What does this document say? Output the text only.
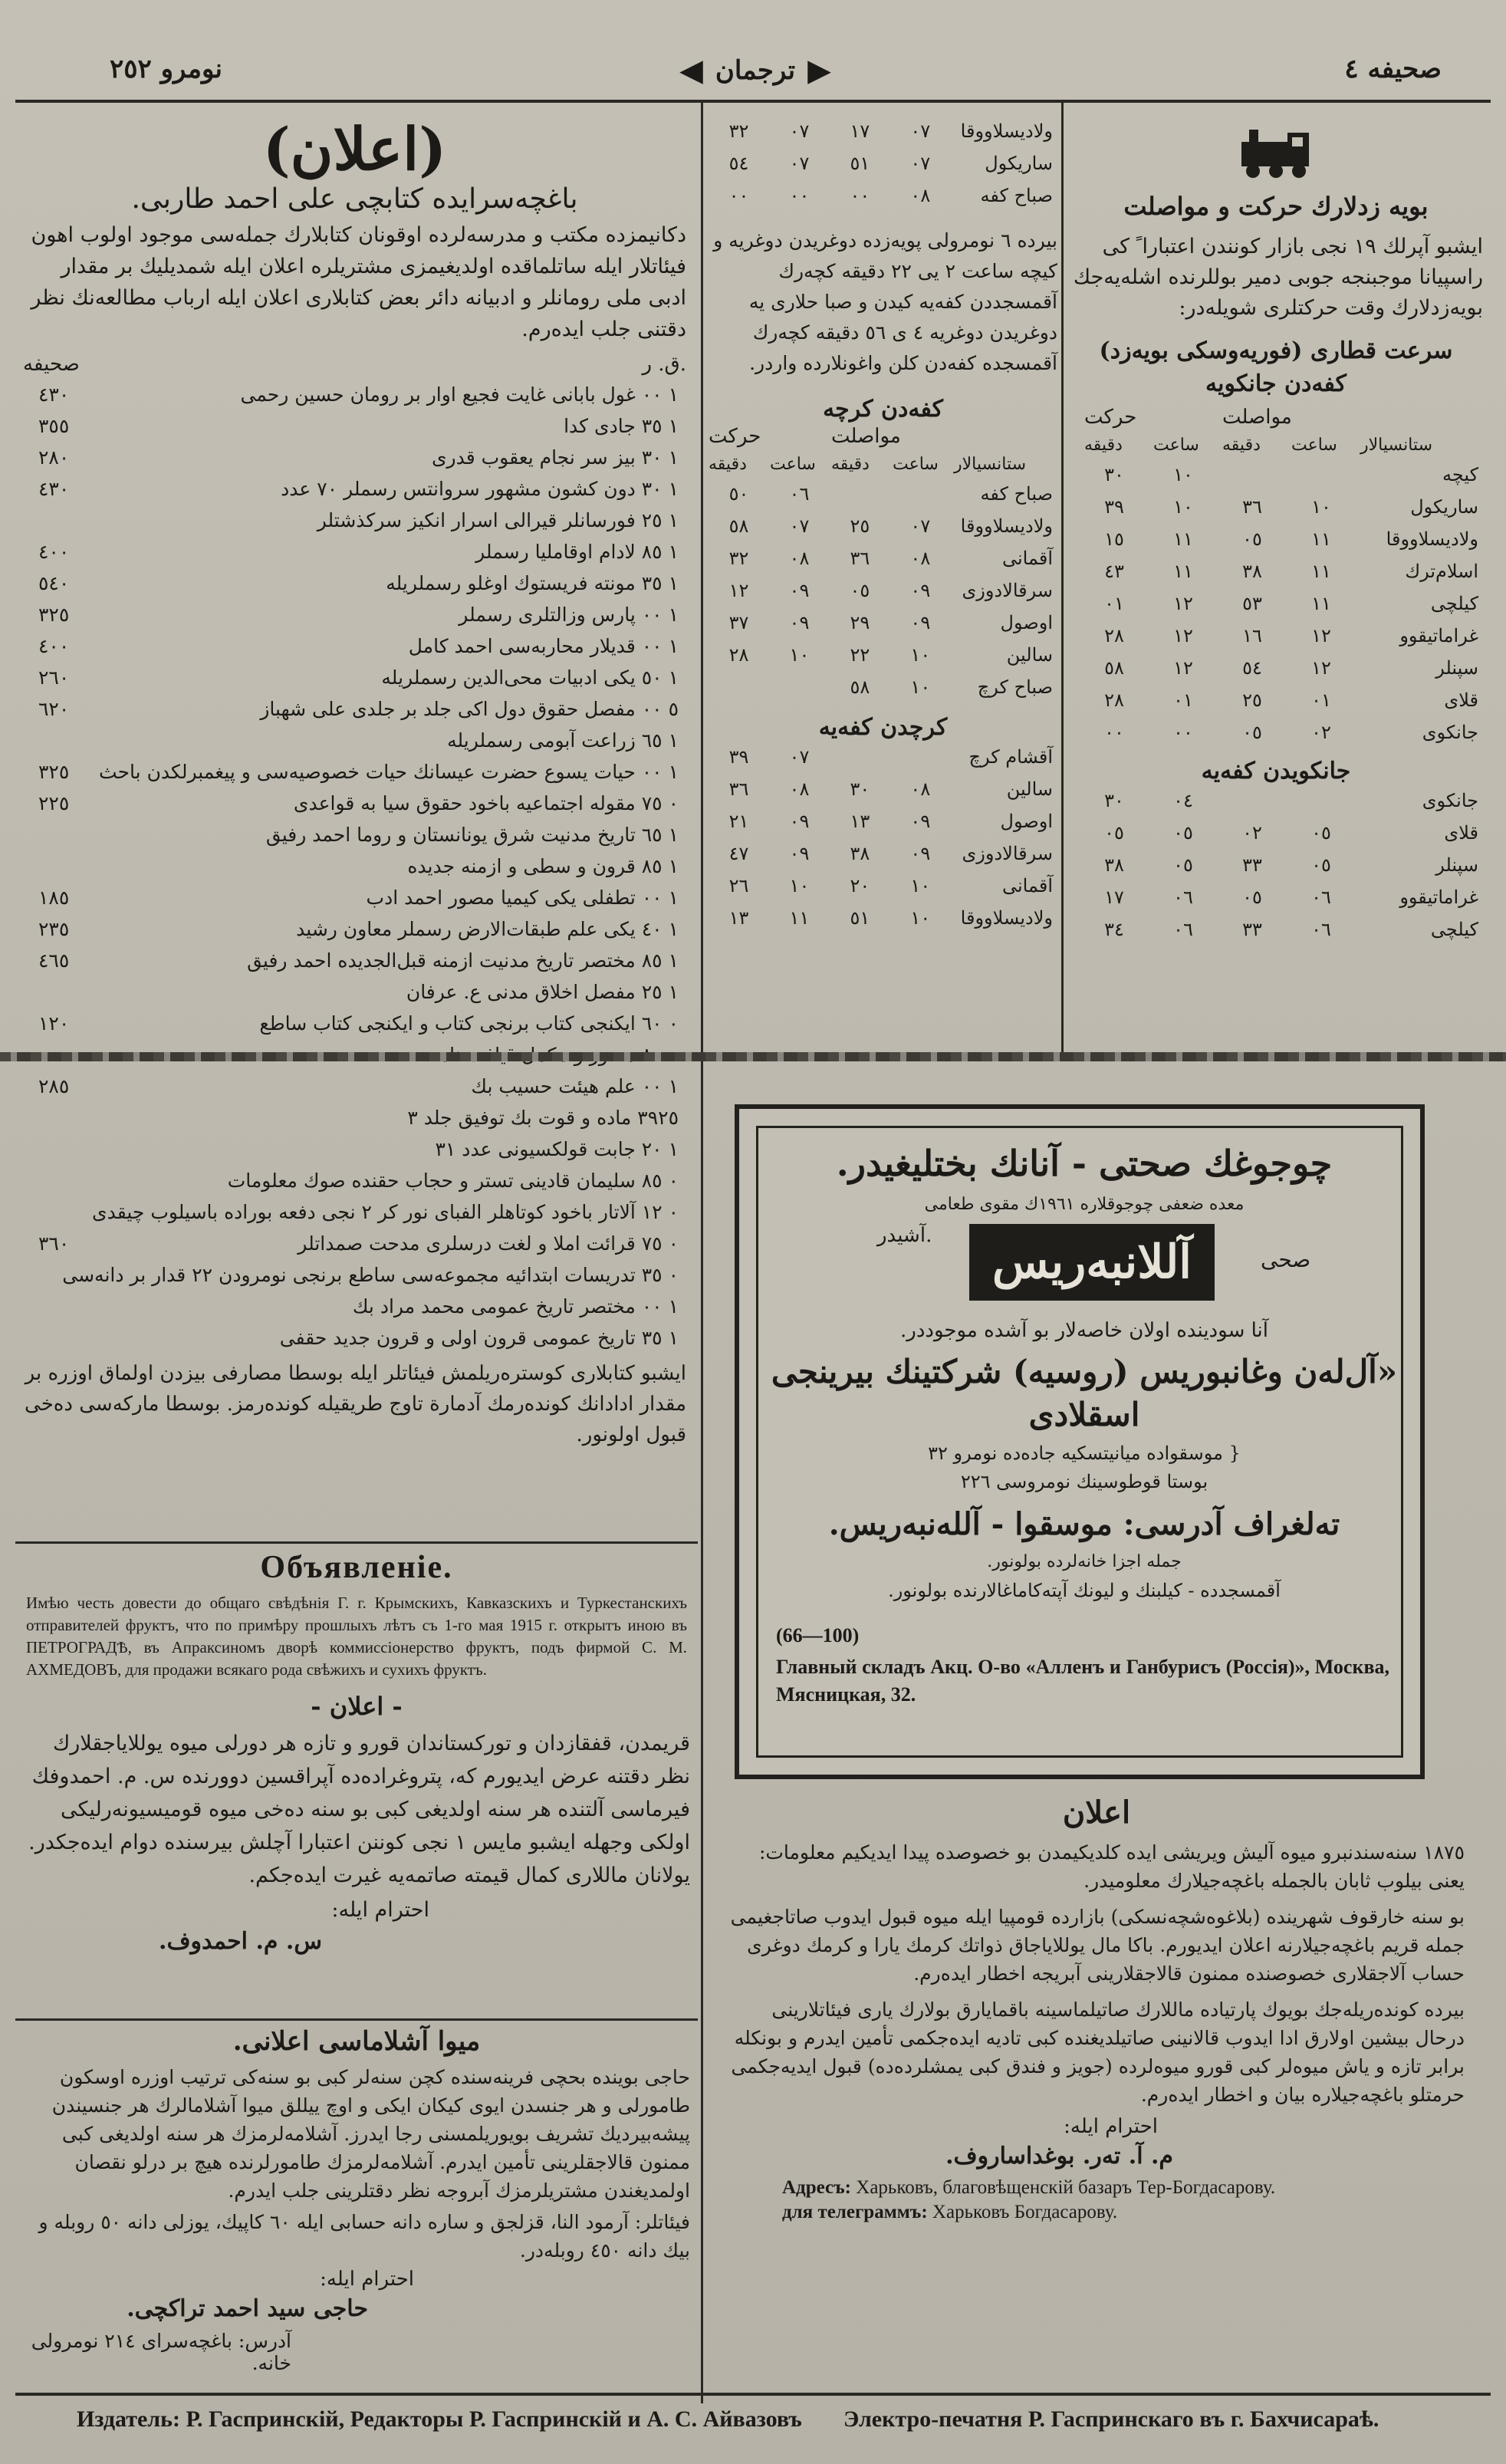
صحيفه ٤
◀ ترجمان ▶
نومرو ٢٥٢
بويه‌ زدلارك حركت و مواصلت
ايشبو آپرلك ١٩ نجى بازار كونندن اعتبارا ً كى راسپيانا موجبنجه جوبى دمير بوللرنده اشله‌يه‌جك بويه‌زدلارك وقت حركتلرى شويله‌در:
سرعت قطارى (فوريه‌وسكى‌ بويه‌زد)
كفه‌دن جانكويه
مواصلت
حركت
ستانسيالار
ساعت
دقيقه
ساعت
دقيقه
كيچه
١٠
٣٠
ساريكول
١٠
٣٦
١٠
٣٩
ولاديسلاووقا
١١
٠٥
١١
١٥
اسلام‌ترك
١١
٣٨
١١
٤٣
كيلچى
١١
٥٣
١٢
٠١
غراماتيقوو
١٢
١٦
١٢
٢٨
سپنلر
١٢
٥٤
١٢
٥٨
قلاى
٠١
٢٥
٠١
٢٨
جانكوى
٠٢
٠٥
٠٠
٠٠
جانكويدن كفه‌يه
جانكوى
٠٤
٣٠
قلاى
٠٥
٠٢
٠٥
٠٥
سپنلر
٠٥
٣٣
٠٥
٣٨
غراماتيقوو
٠٦
٠٥
٠٦
١٧
كيلچى
٠٦
٣٣
٠٦
٣٤
ولاديسلاووقا
٠٧
١٧
٠٧
٣٢
ساريكول
٠٧
٥١
٠٧
٥٤
صباح كفه
٠٨
٠٠
٠٠
٠٠
بيرده ٦ نومرولى پويه‌زده دوغريدن دوغريه ‌و كيچه ساعت ٢ يى ٢٢ دقيقه كچه‌رك آقمسجددن كفه‌يه كيدن و صبا حلارى يه دوغريدن دوغريه ٤ ى ٥٦ دقيقه كچه‌رك آقمسجده كفه‌دن كلن واغونلارده واردر.
كفه‌دن كرچه
مواصلت
حركت
ستانسيالار
ساعت
دقيقه
ساعت
دقيقه
صباح كفه
٠٦
٥٠
ولاديسلاووقا
٠٧
٢٥
٠٧
٥٨
آقمانى
٠٨
٣٦
٠٨
٣٢
سرقالادوزى
٠٩
٠٥
٠٩
١٢
اوصول
٠٩
٢٩
٠٩
٣٧
سالين
١٠
٢٢
١٠
٢٨
صباح كرچ
١٠
٥٨
كرچدن كفه‌يه
آقشام كرچ
٠٧
٣٩
سالين
٠٨
٣٠
٠٨
٣٦
اوصول
٠٩
١٣
٠٩
٢١
سرقالادوزى
٠٩
٣٨
٠٩
٤٧
آقمانى
١٠
٢٠
١٠
٢٦
ولاديسلاووقا
١٠
٥١
١١
١٣
(اعلان)
باغچه‌سرايده كتابچى على احمد طاربى.
دكانيمزده مكتب و مدرسه‌لرده اوقونان كتابلارك جمله‌سى موجود اولوب اهون فيئاتلار ايله ساتلماقده اولديغيمزى مشتريلره اعلان ايله شمديليك بر مقدار ادبى ملى رومانلر و ادبيانه دائر بعض كتابلارى اعلان ايله ارباب مطالعه‌نك نظر دقتنى جلب ايده‌رم.
ق. ر.
صحيفه
١ ٠٠ غول بابانى غايت فجيع اوار بر رومان حسين رحمى
٤٣٠
١ ٣٥ جادى كدا
٣٥٥
١ ٣٠ بيز سر نجام يعقوب قدرى
٢٨٠
١ ٣٠ دون كشون مشهور سروانتس رسملر ٧٠ عدد
٤٣٠
١ ٢٥ فورسانلر قيرالى اسرار انكيز سركذشتلر
١ ٨٥ لادام اوقامليا رسملر
٤٠٠
١ ٣٥ مونته فريستوك اوغلو رسملريله
٥٤٠
١ ٠٠ پارس وزالتلرى رسملر
٣٢٥
١ ٠٠ قديلار محاربه‌سى احمد كامل
٤٠٠
١ ٥٠ يكى ادبيات محى‌الدين رسملريله
٢٦٠
٥ ٠٠ مفصل حقوق دول اكى جلد بر جلدى على شهباز
٦٢٠
١ ٦٥ زراعت آبومى رسملريله
١ ٠٠ حيات يسوع حضرت عيسانك حيات خصوصيه‌سى و پيغمبرلكدن باحث
٣٢٥
٠ ٧٥ مقوله اجتماعيه باخود حقوق سيا به قواعدى
٢٢٥
١ ٦٥ تاريخ مدنيت شرق يونانستان و روما احمد رفيق
١ ٨٥ قرون و سطى و ازمنه جديده
١ ٠٠ تطفلى يكى كيميا مصور احمد ادب
١٨٥
١ ٤٠ يكى علم طبقات‌الارض رسملر معاون رشيد
٢٣٥
١ ٨٥ مختصر تاريخ مدنيت ازمنه قبل‌الجديده احمد رفيق
٤٦٥
١ ٢٥ مفصل اخلاق مدنى ع. عرفان
٠ ٦٠ ايكنجى كتاب برنجى كتاب و ايكنجى كتاب ساطع
١٢٠
١ ٠٠ علم هيئت حسيب بك
٢٨٥
٣٩٢٥ ماده و قوت بك توفيق جلد ٣
١ ٢٠ جابت قولكسيونى عدد ٣١
٠ ٨٥ سليمان قادينى تستر و حجاب حقنده صوك معلومات
٠ ١٢ آلاتار باخود كوتاهلر الفباى نور كر ٢ نجى دفعه بوراده باسيلوب چيقدى
٠ ٧٥ قرائت املا و لغت درسلرى مدحت صمداتلر
٣٦٠
٠ ٣٥ تدريسات ابتدائيه مجموعه‌سى ساطع برنجى نومرودن ٢٢ قدار بر دانه‌سى
١ ٠٠ مختصر تاريخ عمومى محمد مراد بك
١ ٣٥ تاريخ عمومى قرون اولى و قرون جديد حقفى
ايشبو كتابلارى كوستره‌ريلمش فيئاتلر ايله بوسطا مصارفى بيزدن اولماق اوزره بر مقدار ادادانك كونده‌رمك آدمارة تاوج طريقيله كونده‌رمز. بوسطا ماركه‌سى ده‌خى قبول اولونور.
Объявленіе.
Имѣю честь довести до общаго свѣдѣнія Г. г. Крымскихъ, Кавказскихъ и Туркестанскихъ отправителей фруктъ, что по примѣру прошлыхъ лѣтъ съ 1-го мая 1915 г. открытъ иною въ ПЕТРОГРАДѢ, въ Апраксиномъ дворѣ коммиссіонерство фруктъ, подъ фирмой С. М. АХМЕДОВЪ, для продажи всякаго рода свѣжихъ и сухихъ фруктъ.
- اعلان -
قريمدن، قفقازدان و تورکستاندان قورو و تازه هر دورلى ميوه يوللاياجقلارك نظر دقتنه عرض ايديورم كه، پتروغراده‌ده آپراقسين دوورنده س. م. احمدوفك فيرماسى آلتنده هر سنه اولديغى كبى بو سنه ده‌خى ميوه قوميسيونه‌رليكى اولكى وجهله ايشبو مايس ١ نجى كوننن اعتبارا آچلش بيرسنده دوام ايده‌جكدر. يولانان ماللارى كمال قيمته صاتمه‌يه غيرت ايده‌جكم.
احترام ايله:
س. م. احمدوف.
ميوا آشلاماسى اعلانى.
حاجى بوينده بحچى فرينه‌سنده كچن سنه‌لر كبى بو سنه‌كى ترتيب اوزره اوسكون طامورلى و هر جنسدن ايوى كيكان ايكى و اوچ ييللق ميوا آشلامالرك هر جنسيندن پيشه‌بيرديك تشريف بويوريلمسنى رجا ايدرز. آشلامه‌لرمزك هر سنه اولديغى كبى ممنون قالاجقلرينى تأمين ايدرم. آشلامه‌لرمزك طامورلرنده هيچ بر درلو نقصان اولمديغندن مشتريلرمزك آبروجه نظر دقتلرينى جلب ايدرم.
فيئاتلر: آرمود النا، قزلجق و ساره دانه حسابى ايله ٦٠ كاپيك، يوزلى دانه ٥٠ روبله و بيك دانه ٤٥٠ روبله‌در.
احترام ايله:
حاجى سيد احمد تراكچى.
آدرس: باغچه‌سراى ٢١٤ نومرولى خانه.
چوجوغك صحتى - آنانك بختليغيدر.
معده ضعفى چوجوقلاره ١٩٦١ك مقوى طعامى
صحى
آللانبه‌ريس
آشيدر.
آنا سودينده اولان خاصه‌لار بو آشده موجوددر.
«آل‌له‌ن وغانبوريس (روسيه) شركتينك بيرينجى اسقلادى
{ موسقواده ميانيتسكيه جاده‌ده نومرو ٣٢
بوستا قوطوسينك نومروسى ٢٢٦
ته‌لغراف آدرسى: موسقوا - آلله‌نبه‌ريس.
جمله اجزا خانه‌لرده بولونور.
آقمسجدده - كيلبنك و ليونك آپته‌كاماغالارنده بولونور.
(66—100)
Главный складъ Акц. О-во «Алленъ и Ганбурисъ (Россія)», Москва, Мясницкая, 32.
اعلان
١٨٧٥ سنه‌سندنبرو ميوه آليش ويريشى ايده كلديكيمدن بو خصوصده پيدا ايديكيم معلومات: يعنى بيلوب ثابان بالجمله باغچه‌جيلارك معلوميدر.
بو سنه خارقوف شهرينده (بلاغوه‌شچه‌نسكى) بازارده قومپيا ايله ميوه قبول ايدوب صاتاجغيمى جمله قريم باغچه‌جيلارنه اعلان ايديورم. باكا مال يوللاياجاق ذواتك كرمك يارا و كرمك دوغرى حساب آلاجقلارى خصوصنده ممنون قالاجقلارينى آبريجه اخطار ايده‌رم.
بيرده كونده‌ريله‌جك بويوك پارتياده ماللارك صاتيلماسينه باقمايارق بولارك يارى فيئاتلارينى درحال بيشين اولارق ادا ايدوب قالانينى صاتيلديغنده كبى تاديه ايده‌جكمى تأمين ايدرم و بونكله برابر تازه و ياش ميوه‌لر كبى قورو ميوه‌لرده (جويز و فندق كبى يمشلرده‌ده) قبول ايديه‌جكمى حرمتلو باغچه‌جيلاره بيان و اخطار ايده‌رم.
احترام ايله:
م. آ. تەر. بوغداساروف.
Адресъ: Харьковъ, благовѣщенскій базаръ Тер-Богдасарову.
для телеграммъ: Харьковъ Богдасарову.
Издатель: Р. Гаспринскій, Редакторы Р. Гаспринскій и А. С. Айвазовъ Электро-печатня Р. Гаспринскаго въ г. Бахчисараѣ.
